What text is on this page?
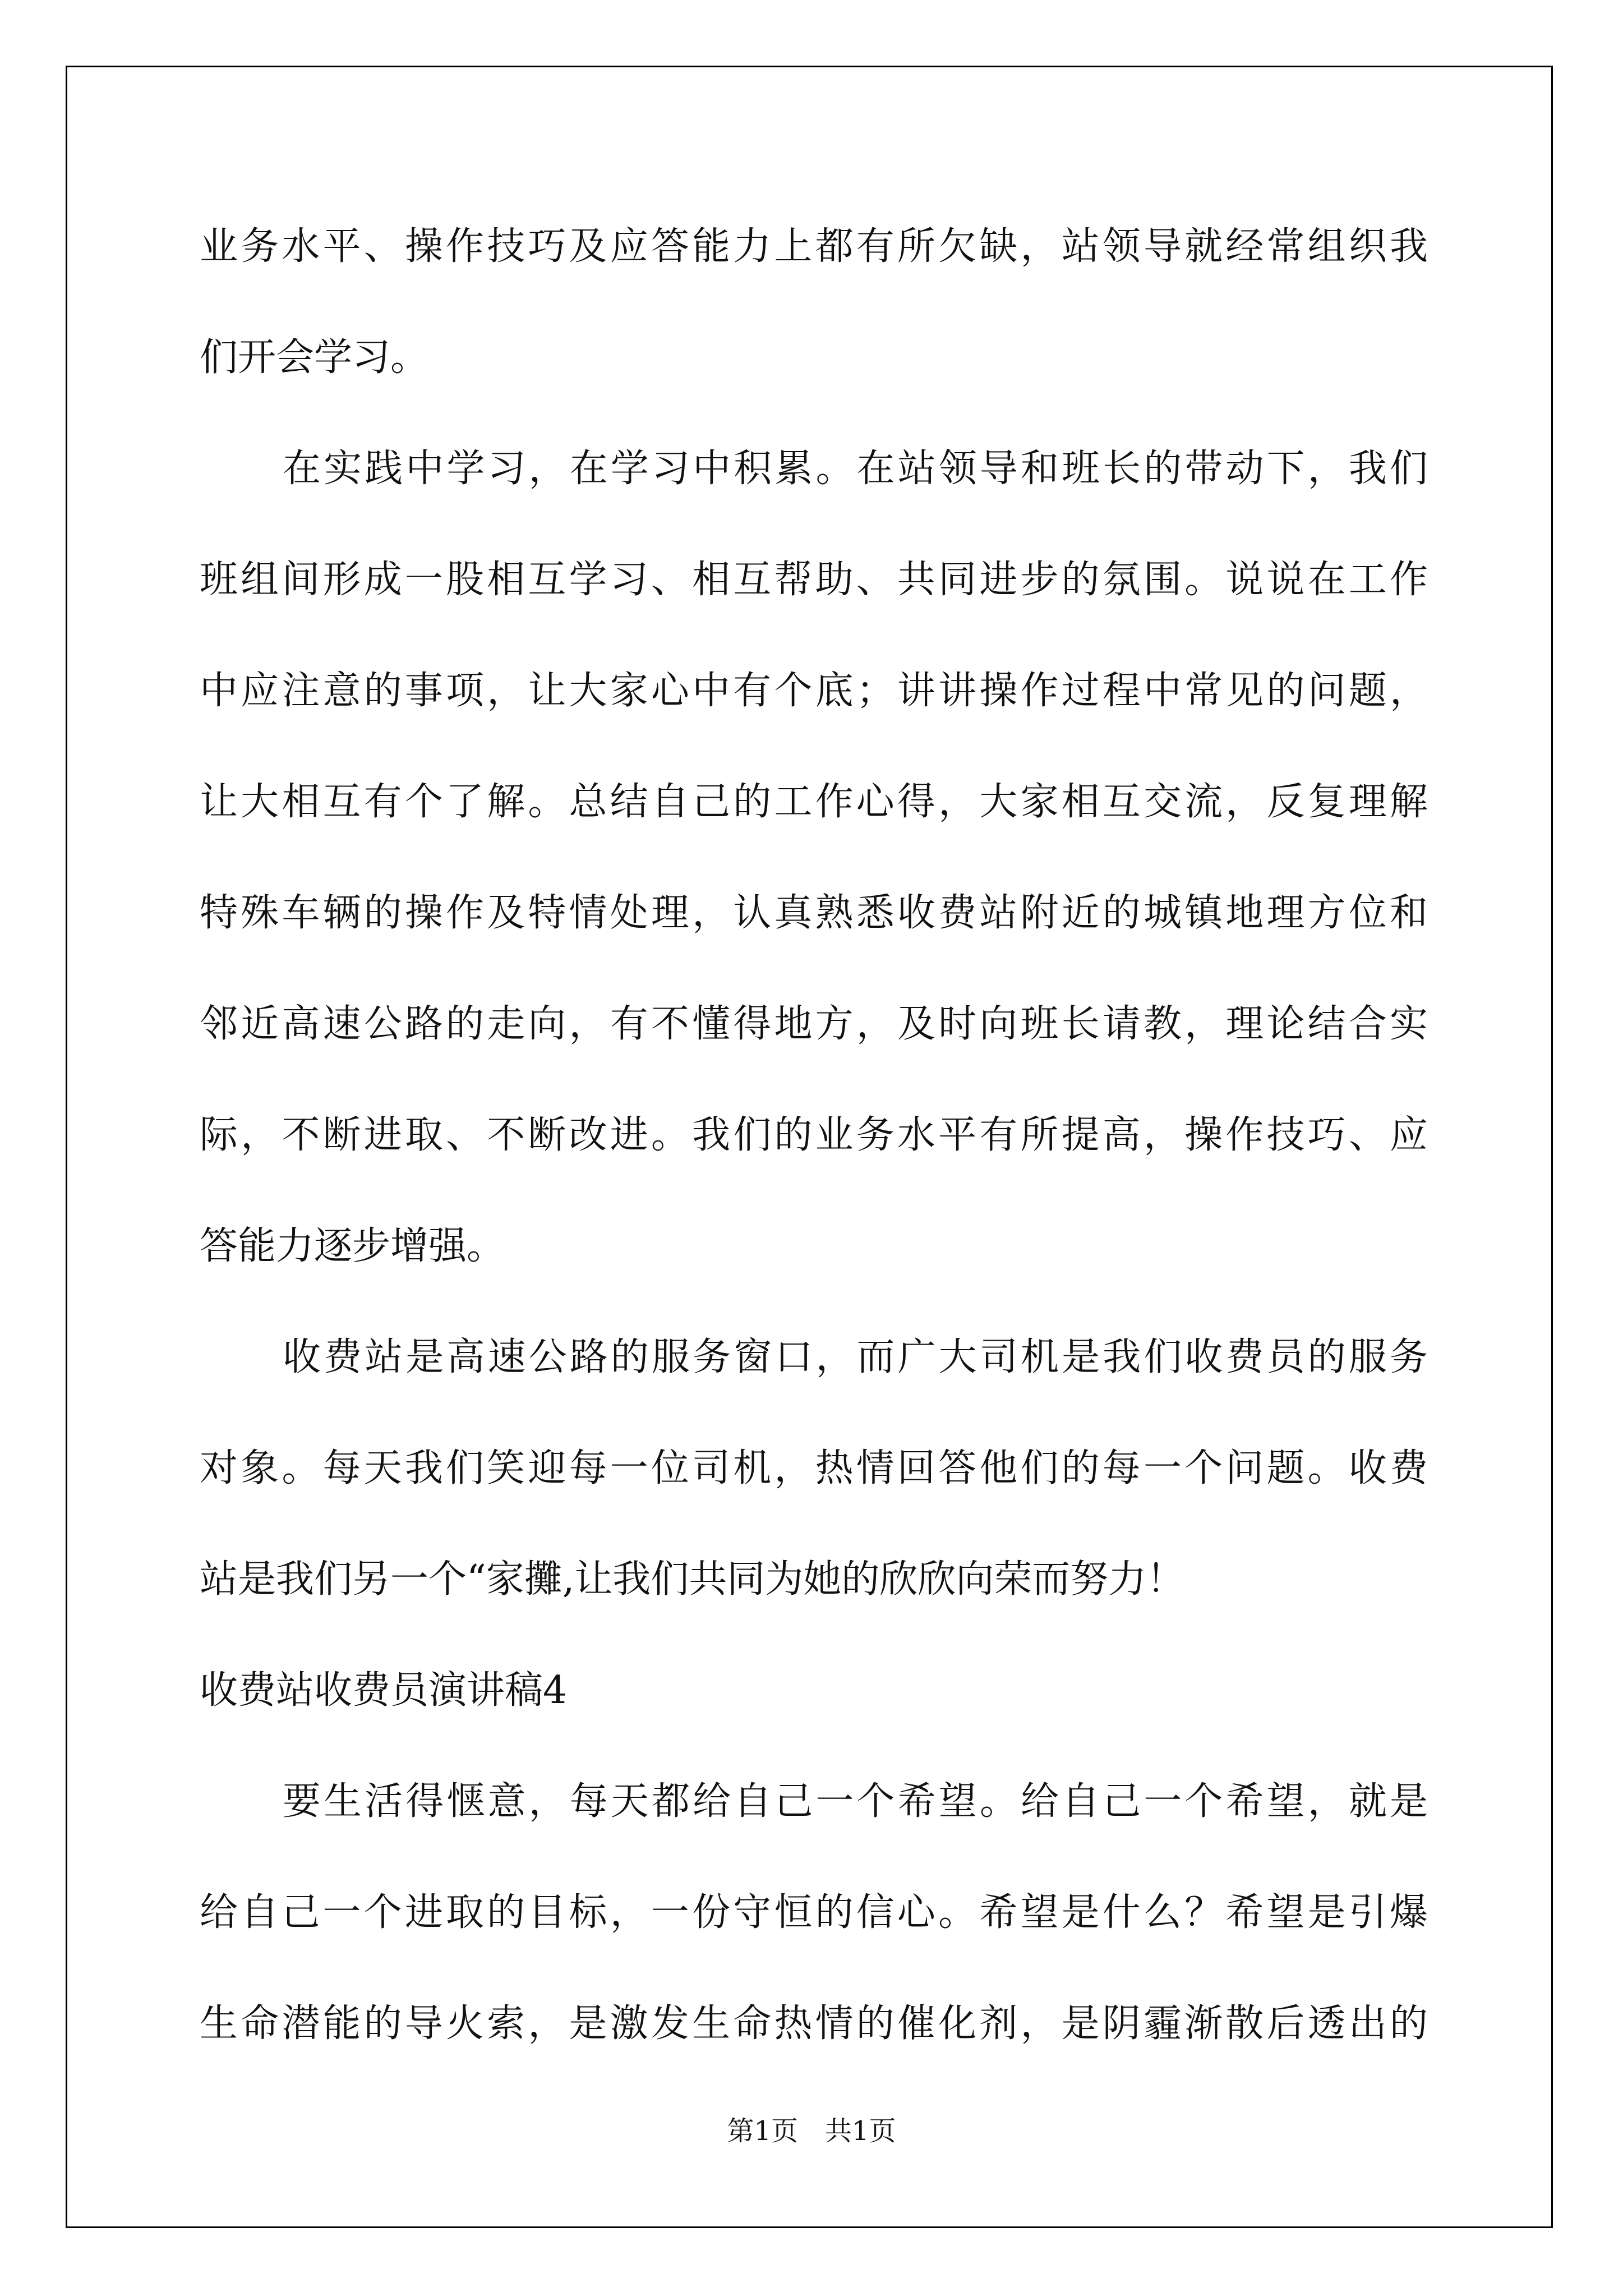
业务水平、操作技巧及应答能力上都有所欠缺，站领导就经常组织我
们开会学习。
在实践中学习，在学习中积累。在站领导和班长的带动下，我们
班组间形成一股相互学习、相互帮助、共同进步的氛围。说说在工作
中应注意的事项，让大家心中有个底；讲讲操作过程中常见的问题，
让大相互有个了解。总结自己的工作心得，大家相互交流，反复理解
特殊车辆的操作及特情处理，认真熟悉收费站附近的城镇地理方位和
邻近高速公路的走向，有不懂得地方，及时向班长请教，理论结合实
际，不断进取、不断改进。我们的业务水平有所提高，操作技巧、应
答能力逐步增强。
收费站是高速公路的服务窗口，而广大司机是我们收费员的服务
对象。每天我们笑迎每一位司机，热情回答他们的每一个问题。收费
站是我们另一个“家攤,让我们共同为她的欣欣向荣而努力！
收费站收费员演讲稿4
要生活得惬意，每天都给自己一个希望。给自己一个希望，就是
给自己一个进取的目标，一份守恒的信心。希望是什么？希望是引爆
生命潜能的导火索，是激发生命热情的催化剂，是阴霾渐散后透出的
第1页　共1页
